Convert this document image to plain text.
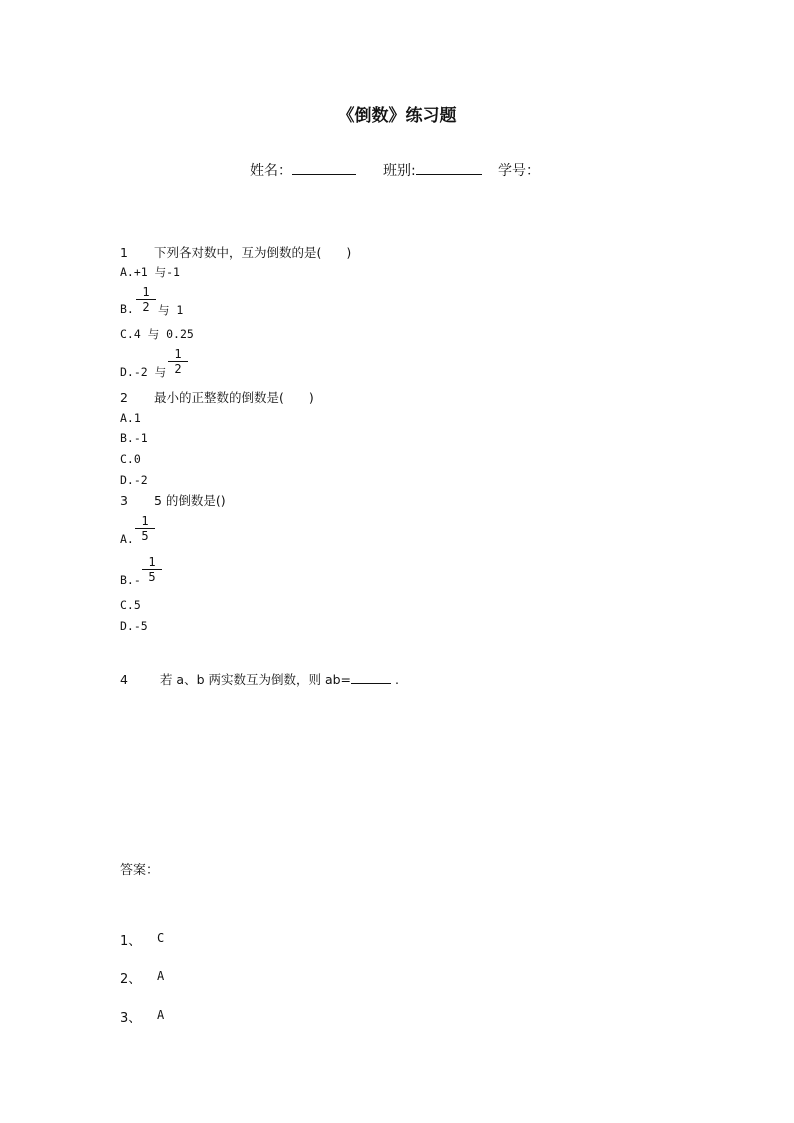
《倒数》练习题
姓名：	班别:	学号：
1 下列各对数中，互为倒数的是(　　)
A.+1 与-1
B.
1
2 与 1
C.4 与 0.25
D.-2 与
1
2
2 最小的正整数的倒数是(　　)
A.1
B.-1
C.0
D.-2
3 5 的倒数是()
A.
1
5
B.-
1
5
C.5
D.-5
4	若 a、b 两实数互为倒数，则 ab=	.
答案：
1、 C
2、 A
3、 A
